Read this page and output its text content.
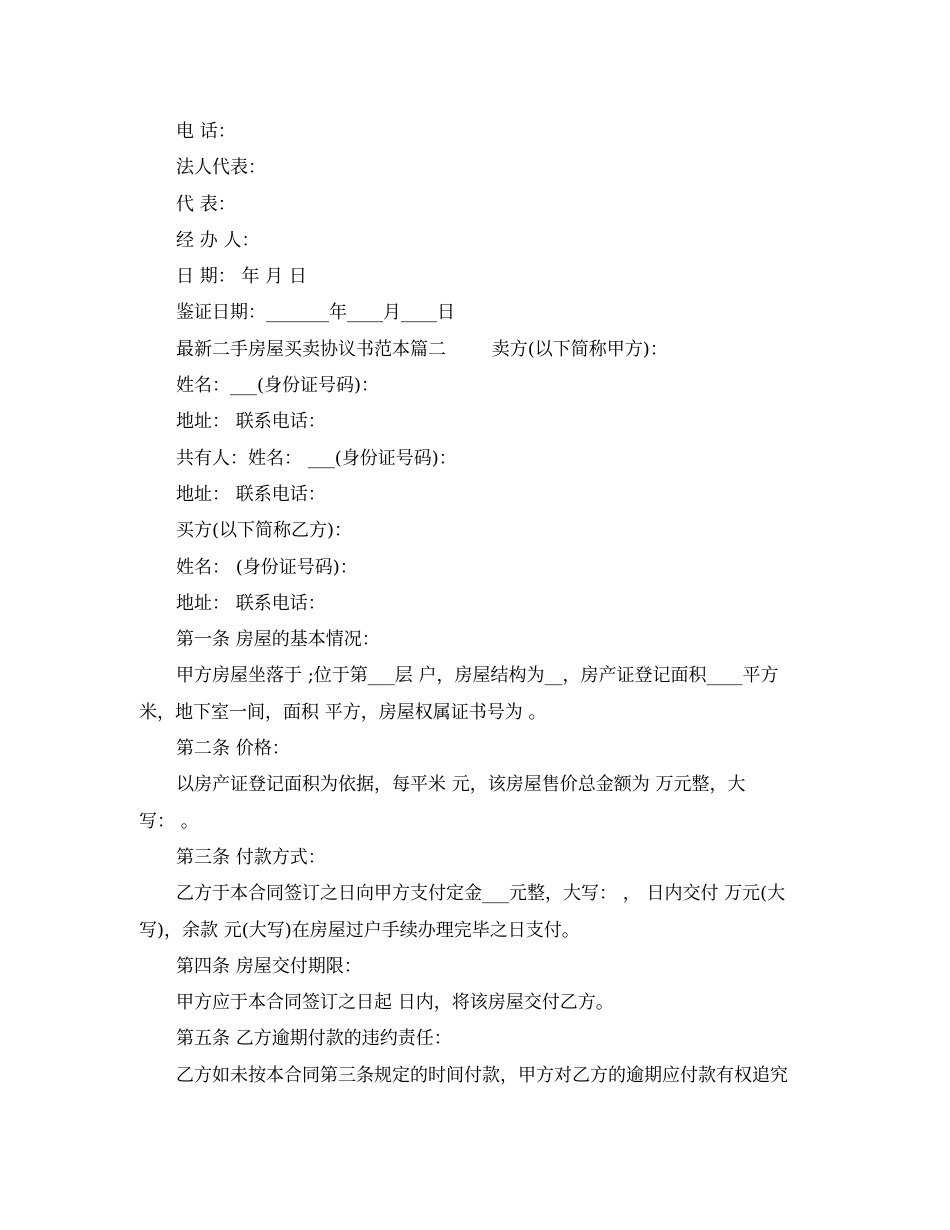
电 话：
法人代表：
代 表：
经 办 人：
日 期： 年 月 日
鉴证日期：_______年____月____日
最新二手房屋买卖协议书范本篇二        卖方(以下简称甲方)：
姓名：___(身份证号码)：
地址： 联系电话：
共有人：姓名： ___(身份证号码)：
地址： 联系电话：
买方(以下简称乙方)：
姓名： (身份证号码)：
地址： 联系电话：
第一条 房屋的基本情况：
甲方房屋坐落于 ;位于第___层 户，房屋结构为__，房产证登记面积____平方
米，地下室一间，面积 平方，房屋权属证书号为 。
第二条 价格：
以房产证登记面积为依据，每平米 元，该房屋售价总金额为 万元整，大
写： 。
第三条 付款方式：
乙方于本合同签订之日向甲方支付定金___元整，大写： ， 日内交付 万元(大
写)，余款 元(大写)在房屋过户手续办理完毕之日支付。
第四条 房屋交付期限：
甲方应于本合同签订之日起 日内，将该房屋交付乙方。
第五条 乙方逾期付款的违约责任：
乙方如未按本合同第三条规定的时间付款，甲方对乙方的逾期应付款有权追究
